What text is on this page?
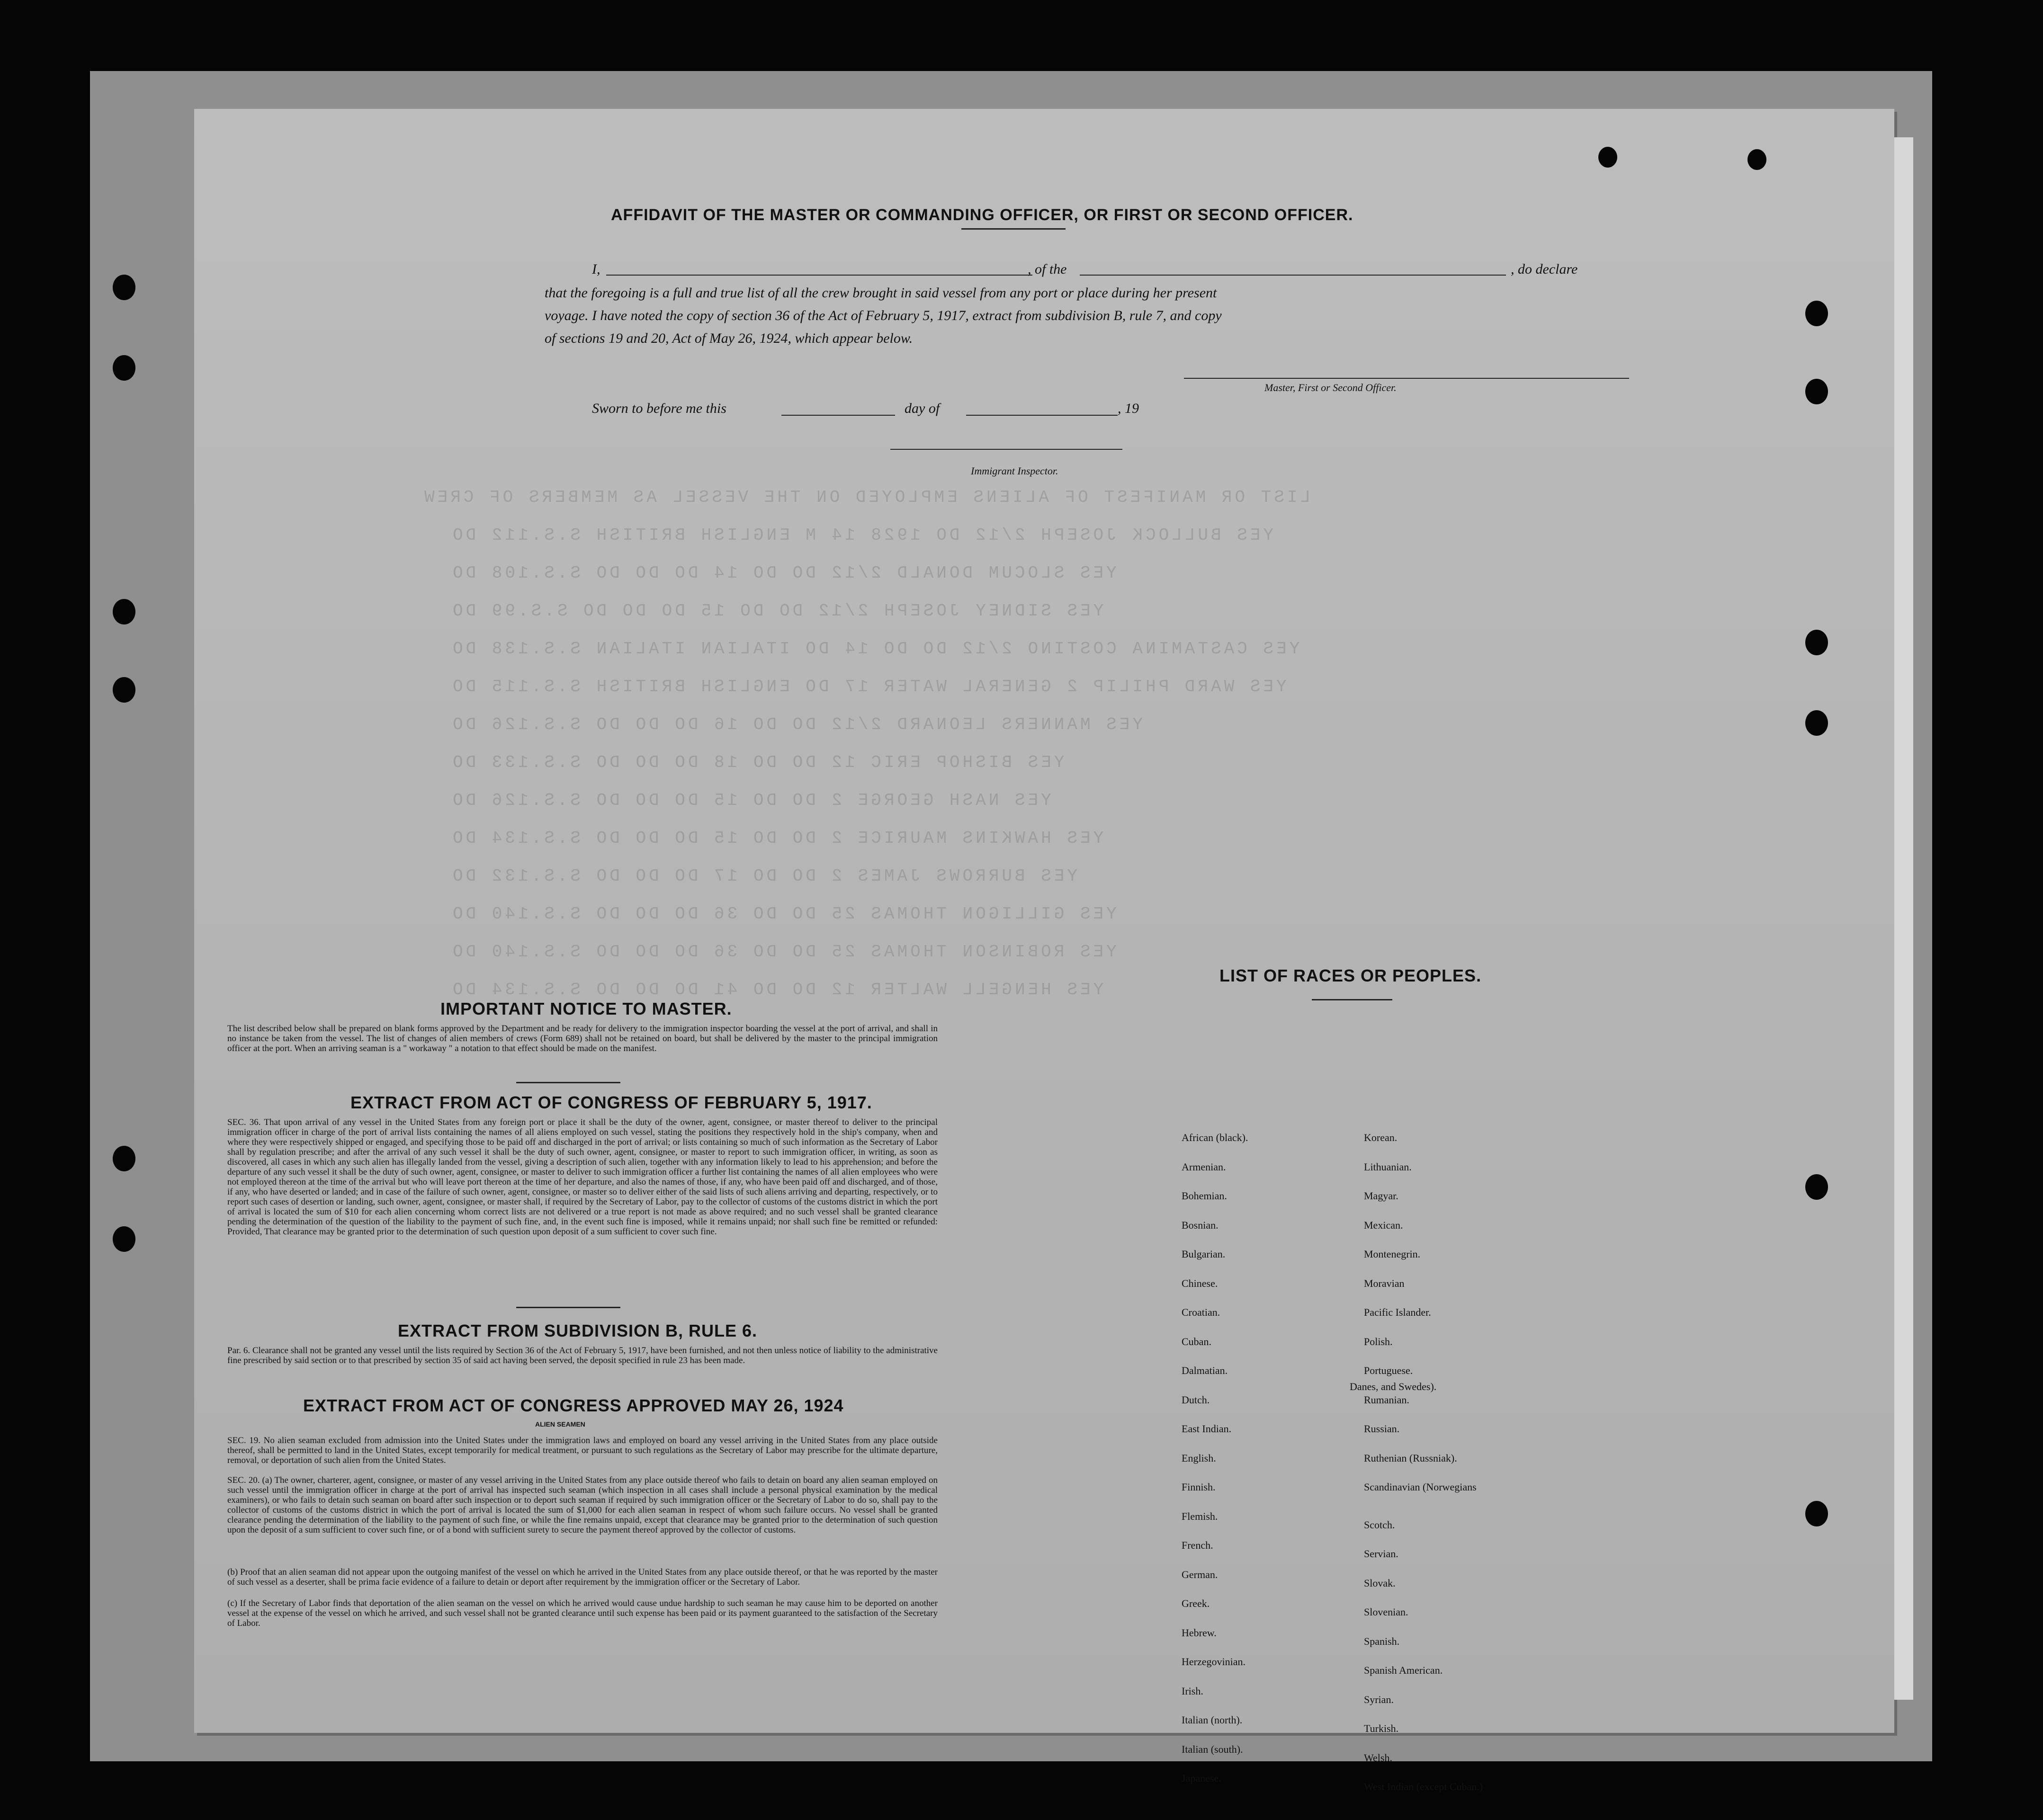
LIST OR MANIFEST OF ALIENS EMPLOYED ON THE VESSEL AS MEMBERS OF CREW
YES BULLOCK JOSEPH 2/12 DO 1928 14 M ENGLISH BRITISH S.S.112 DO
YES SLOCUM DONALD 2/12 DO DO 14 DO DO DO S.S.108 DO
YES SIDNEY JOSEPH 2/12 DO DO 15 DO DO DO S.S.99 DO
YES CASTAMINA COSTINO 2/12 DO DO 14 DO ITALIAN ITALIAN S.S.138 DO
YES WARD PHILIP 2 GENERAL WATER 17 DO ENGLISH BRITISH S.S.115 DO
YES MANNERS LEONARD 2/12 DO DO 16 DO DO DO S.S.126 DO
YES BISHOP ERIC 12 DO DO 18 DO DO DO S.S.133 DO
YES NASH GEORGE 2 DO DO 15 DO DO DO S.S.126 DO
YES HAWKINS MAURICE 2 DO DO 15 DO DO DO S.S.134 DO
YES BURROWS JAMES 2 DO DO 17 DO DO DO S.S.132 DO
YES GILLIGON THOMAS 25 DO DO 36 DO DO DO S.S.140 DO
YES ROBINSON THOMAS 25 DO DO 36 DO DO DO S.S.140 DO
YES HENGELL WALTER 12 DO DO 41 DO DO DO S.S.134 DO
AFFIDAVIT OF THE MASTER OR COMMANDING OFFICER, OR FIRST OR SECOND OFFICER.
I,	, of the	, do declare
that the foregoing is a full and true list of all the crew brought in said vessel from any port or place during her present
voyage. I have noted the copy of section 36 of the Act of February 5, 1917, extract from subdivision B, rule 7, and copy
of sections 19 and 20, Act of May 26, 1924, which appear below.
Master, First or Second Officer.
Sworn to before me this	day of	, 19
Immigrant Inspector.
IMPORTANT NOTICE TO MASTER.
The list described below shall be prepared on blank forms approved by the Department and be ready for delivery to the immigration inspector boarding the vessel at the port of arrival, and shall in no instance be taken from the vessel. The list of changes of alien members of crews (Form 689) shall not be retained on board, but shall be delivered by the master to the principal immigration officer at the port. When an arriving seaman is a " workaway " a notation to that effect should be made on the manifest.
EXTRACT FROM ACT OF CONGRESS OF FEBRUARY 5, 1917.
SEC. 36. That upon arrival of any vessel in the United States from any foreign port or place it shall be the duty of the owner, agent, consignee, or master thereof to deliver to the principal immigration officer in charge of the port of arrival lists containing the names of all aliens employed on such vessel, stating the positions they respectively hold in the ship's company, when and where they were respectively shipped or engaged, and specifying those to be paid off and discharged in the port of arrival; or lists containing so much of such information as the Secretary of Labor shall by regulation prescribe; and after the arrival of any such vessel it shall be the duty of such owner, agent, consignee, or master to report to such immigration officer, in writing, as soon as discovered, all cases in which any such alien has illegally landed from the vessel, giving a description of such alien, together with any information likely to lead to his apprehension; and before the departure of any such vessel it shall be the duty of such owner, agent, consignee, or master to deliver to such immigration officer a further list containing the names of all alien employees who were not employed thereon at the time of the arrival but who will leave port thereon at the time of her departure, and also the names of those, if any, who have been paid off and discharged, and of those, if any, who have deserted or landed; and in case of the failure of such owner, agent, consignee, or master so to deliver either of the said lists of such aliens arriving and departing, respectively, or to report such cases of desertion or landing, such owner, agent, consignee, or master shall, if required by the Secretary of Labor, pay to the collector of customs of the customs district in which the port of arrival is located the sum of $10 for each alien concerning whom correct lists are not delivered or a true report is not made as above required; and no such vessel shall be granted clearance pending the determination of the question of the liability to the payment of such fine, and, in the event such fine is imposed, while it remains unpaid; nor shall such fine be remitted or refunded: Provided, That clearance may be granted prior to the determination of such question upon deposit of a sum sufficient to cover such fine.
EXTRACT FROM SUBDIVISION B, RULE 6.
Par. 6. Clearance shall not be granted any vessel until the lists required by Section 36 of the Act of February 5, 1917, have been furnished, and not then unless notice of liability to the administrative fine prescribed by said section or to that prescribed by section 35 of said act having been served, the deposit specified in rule 23 has been made.
EXTRACT FROM ACT OF CONGRESS APPROVED MAY 26, 1924
ALIEN SEAMEN
SEC. 19. No alien seaman excluded from admission into the United States under the immigration laws and employed on board any vessel arriving in the United States from any place outside thereof, shall be permitted to land in the United States, except temporarily for medical treatment, or pursuant to such regulations as the Secretary of Labor may prescribe for the ultimate departure, removal, or deportation of such alien from the United States.
SEC. 20. (a) The owner, charterer, agent, consignee, or master of any vessel arriving in the United States from any place outside thereof who fails to detain on board any alien seaman employed on such vessel until the immigration officer in charge at the port of arrival has inspected such seaman (which inspection in all cases shall include a personal physical examination by the medical examiners), or who fails to detain such seaman on board after such inspection or to deport such seaman if required by such immigration officer or the Secretary of Labor to do so, shall pay to the collector of customs of the customs district in which the port of arrival is located the sum of $1,000 for each alien seaman in respect of whom such failure occurs. No vessel shall be granted clearance pending the determination of the liability to the payment of such fine, or while the fine remains unpaid, except that clearance may be granted prior to the determination of such question upon the deposit of a sum sufficient to cover such fine, or of a bond with sufficient surety to secure the payment thereof approved by the collector of customs.
(b) Proof that an alien seaman did not appear upon the outgoing manifest of the vessel on which he arrived in the United States from any place outside thereof, or that he was reported by the master of such vessel as a deserter, shall be prima facie evidence of a failure to detain or deport after requirement by the immigration officer or the Secretary of Labor.
(c) If the Secretary of Labor finds that deportation of the alien seaman on the vessel on which he arrived would cause undue hardship to such seaman he may cause him to be deported on another vessel at the expense of the vessel on which he arrived, and such vessel shall not be granted clearance until such expense has been paid or its payment guaranteed to the satisfaction of the Secretary of Labor.
LIST OF RACES OR PEOPLES.
African (black).
Armenian.
Bohemian.
Bosnian.
Bulgarian.
Chinese.
Croatian.
Cuban.
Dalmatian.
Dutch.
East Indian.
English.
Finnish.
Flemish.
French.
German.
Greek.
Hebrew.
Herzegovinian.
Irish.
Italian (north).
Italian (south).
Japanese.
Korean.
Lithuanian.
Magyar.
Mexican.
Montenegrin.
Moravian
Pacific Islander.
Polish.
Portuguese.
Rumanian.
Russian.
Ruthenian (Russniak).
Scandinavian (Norwegians
Scotch.
Servian.
Slovak.
Slovenian.
Spanish.
Spanish American.
Syrian.
Turkish.
Welsh.
West Indian (except Cuban.)
Danes, and Swedes).
